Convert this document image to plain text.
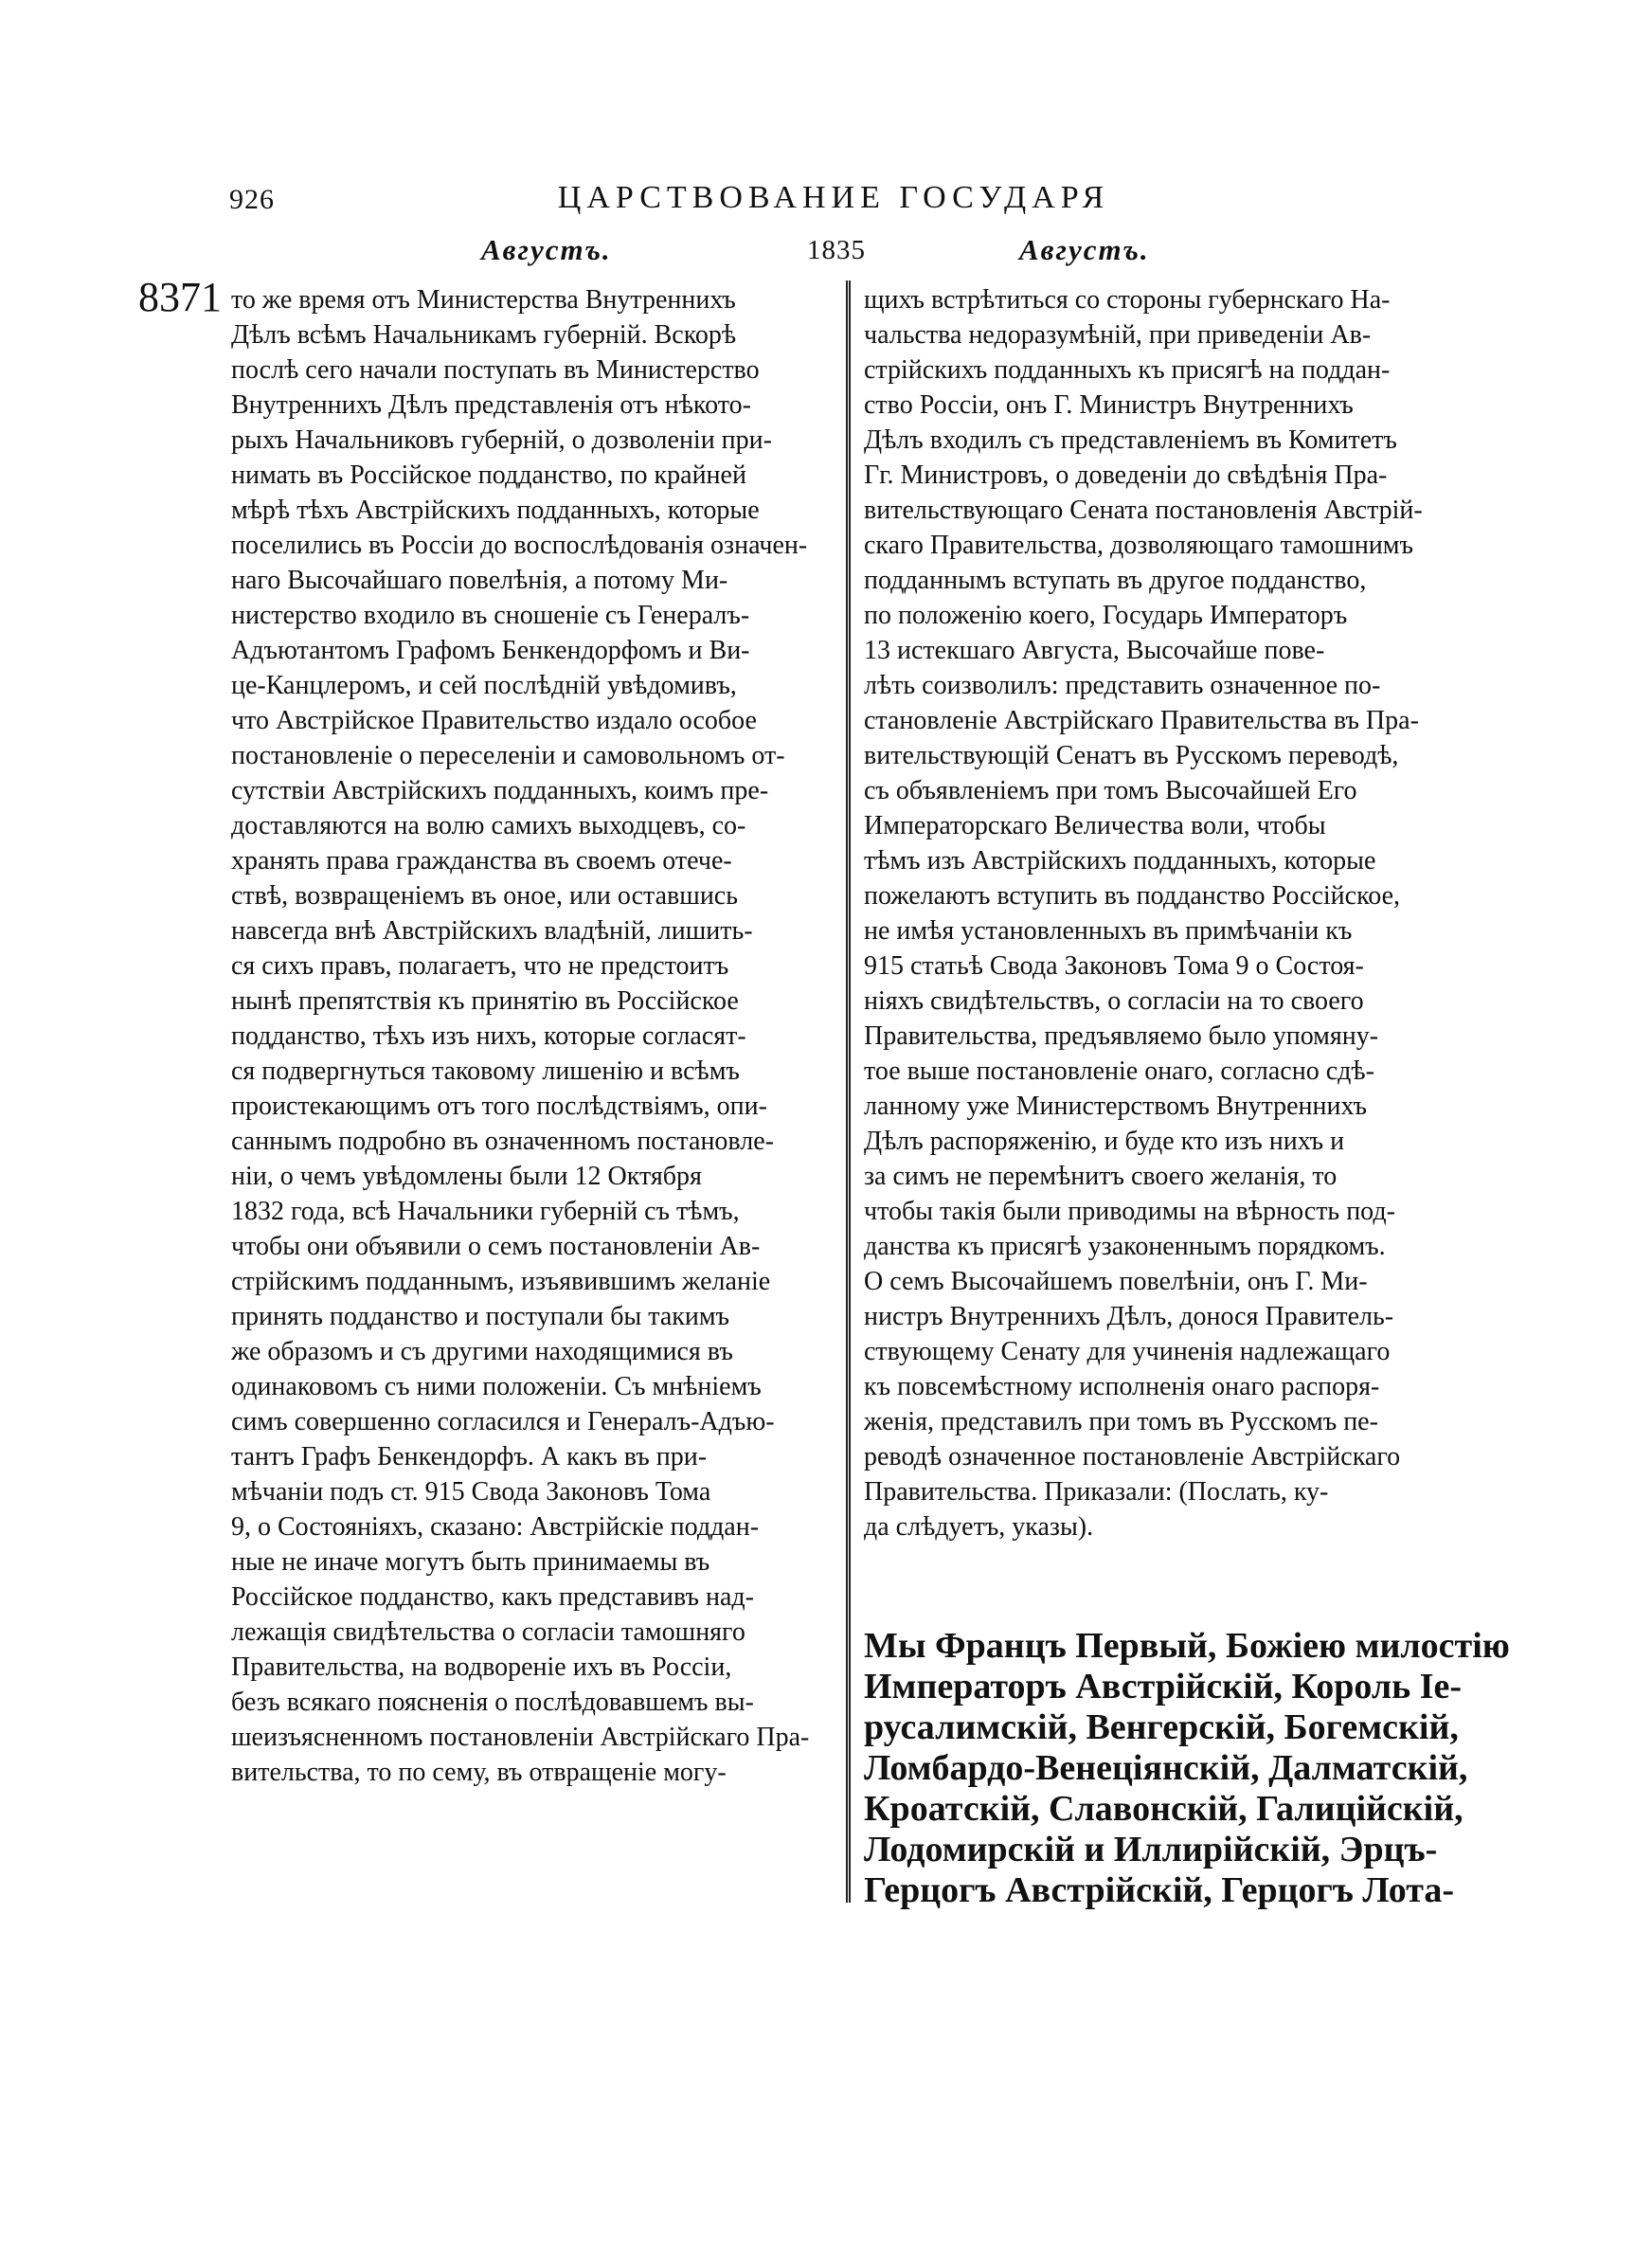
926	ЦАРСТВОВАНИЕ ГОСУДАРЯ
Августъ.	1835	Августъ.
8371 то же время отъ Министерства Внутреннихъ
Дѣлъ всѣмъ Начальникамъ губерній. Вскорѣ
послѣ сего начали поступать въ Министерство
Внутреннихъ Дѣлъ представленія отъ нѣкото-
рыхъ Начальниковъ губерній, о дозволеніи при-
нимать въ Россійское подданство, по крайней
мѣрѣ тѣхъ Австрійскихъ подданныхъ, которые
поселились въ Россіи до воспослѣдованія означен-
наго Высочайшаго повелѣнія, а потому Ми-
нистерство входило въ сношеніе съ Генералъ-
Адъютантомъ Графомъ Бенкендорфомъ и Ви-
це-Канцлеромъ, и сей послѣдній увѣдомивъ,
что Австрійское Правительство издало особое
постановленіе о переселеніи и самовольномъ от-
сутствіи Австрійскихъ подданныхъ, коимъ пре-
доставляются на волю самихъ выходцевъ, со-
хранять права гражданства въ своемъ отече-
ствѣ, возвращеніемъ въ оное, или оставшись
навсегда внѣ Австрійскихъ владѣній, лишить-
ся сихъ правъ, полагаетъ, что не предстоитъ
нынѣ препятствія къ принятію въ Россійское
подданство, тѣхъ изъ нихъ, которые согласят-
ся подвергнуться таковому лишенію и всѣмъ
проистекающимъ отъ того послѣдствіямъ, опи-
саннымъ подробно въ означенномъ постановле-
ніи, о чемъ увѣдомлены были 12 Октября
1832 года, всѣ Начальники губерній съ тѣмъ,
чтобы они объявили о семъ постановленіи Ав-
стрійскимъ подданнымъ, изъявившимъ желаніе
принять подданство и поступали бы такимъ
же образомъ и съ другими находящимися въ
одинаковомъ съ ними положеніи. Съ мнѣніемъ
симъ совершенно согласился и Генералъ-Адъю-
тантъ Графъ Бенкендорфъ. А какъ въ при-
мѣчаніи подъ ст. 915 Свода Законовъ Тома
9, о Состояніяхъ, сказано: Австрійскіе поддан-
ные не иначе могутъ быть принимаемы въ
Россійское подданство, какъ представивъ над-
лежащія свидѣтельства о согласіи тамошняго
Правительства, на водвореніе ихъ въ Россіи,
безъ всякаго поясненія о послѣдовавшемъ вы-
шеизъясненномъ постановленіи Австрійскаго Пра-
вительства, то по сему, въ отвращеніе могу-
щихъ встрѣтиться со стороны губернскаго На-
чальства недоразумѣній, при приведеніи Ав-
стрійскихъ подданныхъ къ присягѣ на поддан-
ство Россіи, онъ Г. Министръ Внутреннихъ
Дѣлъ входилъ съ представленіемъ въ Комитетъ
Гг. Министровъ, о доведеніи до свѣдѣнія Пра-
вительствующаго Сената постановленія Австрій-
скаго Правительства, дозволяющаго тамошнимъ
подданнымъ вступать въ другое подданство,
по положенію коего, Государь Императоръ
13 истекшаго Августа, Высочайше пове-
лѣть соизволилъ: представить означенное по-
становленіе Австрійскаго Правительства въ Пра-
вительствующій Сенатъ въ Русскомъ переводѣ,
съ объявленіемъ при томъ Высочайшей Его
Императорскаго Величества воли, чтобы
тѣмъ изъ Австрійскихъ подданныхъ, которые
пожелаютъ вступить въ подданство Россійское,
не имѣя установленныхъ въ примѣчаніи къ
915 статьѣ Свода Законовъ Тома 9 о Состоя-
ніяхъ свидѣтельствъ, о согласіи на то своего
Правительства, предъявляемо было упомяну-
тое выше постановленіе онаго, согласно сдѣ-
ланному уже Министерствомъ Внутреннихъ
Дѣлъ распоряженію, и буде кто изъ нихъ и
за симъ не перемѣнитъ своего желанія, то
чтобы такія были приводимы на вѣрность под-
данства къ присягѣ узаконеннымъ порядкомъ.
О семъ Высочайшемъ повелѣніи, онъ Г. Ми-
нистръ Внутреннихъ Дѣлъ, донося Правитель-
ствующему Сенату для учиненія надлежащаго
къ повсемѣстному исполненія онаго распоря-
женія, представилъ при томъ въ Русскомъ пе-
реводѣ означенное постановленіе Австрійскаго
Правительства. Приказали: (Послать, ку-
да слѣдуетъ, указы).
Мы Францъ Первый, Божіею милостію
Императоръ Австрійскій, Король Іе-
русалимскій, Венгерскій, Богемскій,
Ломбардо-Венеціянскій, Далматскій,
Кроатскій, Славонскій, Галиційскій,
Лодомирскій и Иллирійскій, Эрцъ-
Герцогъ Австрійскій, Герцогъ Лота-
